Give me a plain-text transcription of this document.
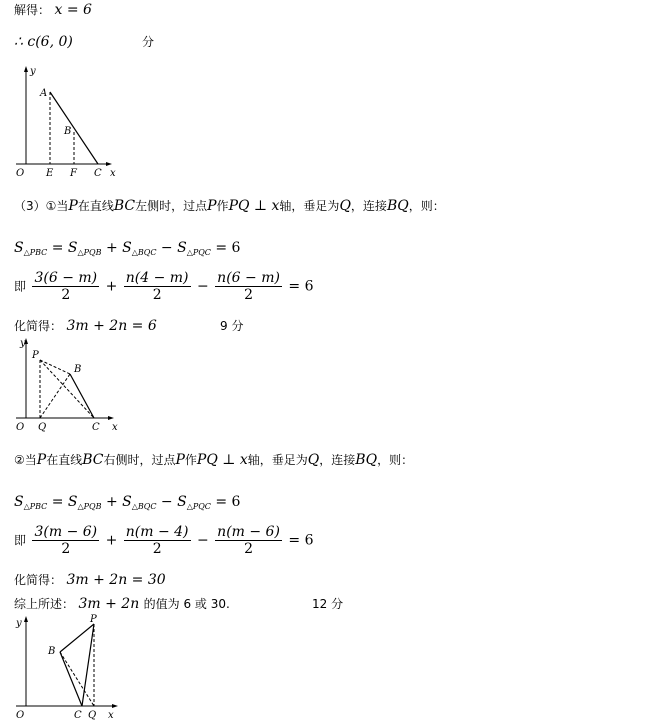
解得： x = 6
∴ c(6, 0)	分
y
A
B
O E F C x
（3）①当P在直线BC左侧时，过点P作PQ ⊥ x轴，垂足为Q，连接BQ，则：
$S_{\triangle PBC} = S_{\triangle PQB} + S_{\triangle BQC} - S_{\triangle PQC} = 6$
即 $\frac{3(6 - m)}{2} + \frac{n(4 - m)}{2} - \frac{n(6 - m)}{2} = 6$
化简得： 3m + 2n = 6	9 分
P
B
y
O Q	C x
②当P在直线BC右侧时，过点P作PQ ⊥ x轴，垂足为Q，连接BQ，则：
$S_{\triangle PBC} = S_{\triangle PQB} + S_{\triangle BQC} - S_{\triangle PQC} = 6$
即 $\frac{3(m - 6)}{2} + \frac{n(m - 4)}{2} - \frac{n(m - 6)}{2} = 6$
化简得： 3m + 2n = 30
综上所述： 3m + 2n 的值为 6 或 30.	12 分
P
B
y
O	C Q x
